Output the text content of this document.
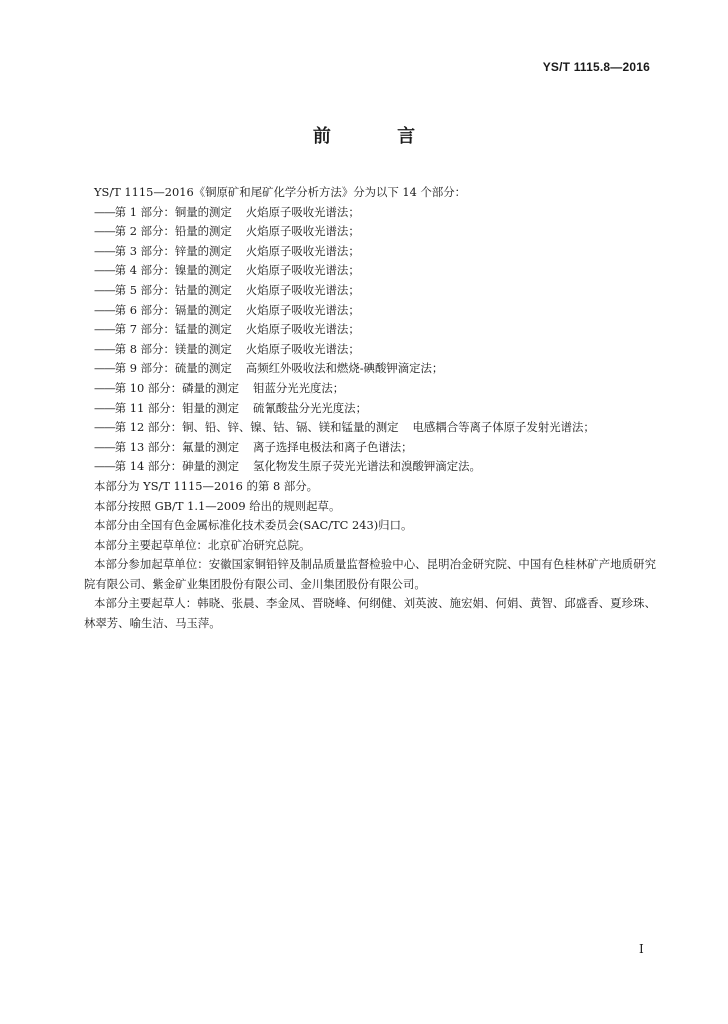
YS/T 1115.8—2016
前 言

YS/T 1115—2016《铜原矿和尾矿化学分析方法》分为以下 14 个部分：

——第 1 部分：铜量的测定 火焰原子吸收光谱法；

——第 2 部分：铅量的测定 火焰原子吸收光谱法；

——第 3 部分：锌量的测定 火焰原子吸收光谱法；

——第 4 部分：镍量的测定 火焰原子吸收光谱法；

——第 5 部分：钴量的测定 火焰原子吸收光谱法；

——第 6 部分：镉量的测定 火焰原子吸收光谱法；

——第 7 部分：锰量的测定 火焰原子吸收光谱法；

——第 8 部分：镁量的测定 火焰原子吸收光谱法；

——第 9 部分：硫量的测定 高频红外吸收法和燃烧-碘酸钾滴定法；

——第 10 部分：磷量的测定 钼蓝分光光度法；

——第 11 部分：钼量的测定 硫氰酸盐分光光度法；

——第 12 部分：铜、铅、锌、镍、钴、镉、镁和锰量的测定 电感耦合等离子体原子发射光谱法；

——第 13 部分：氟量的测定 离子选择电极法和离子色谱法；

——第 14 部分：砷量的测定 氢化物发生原子荧光光谱法和溴酸钾滴定法。

本部分为 YS/T 1115—2016 的第 8 部分。

本部分按照 GB/T 1.1—2009 给出的规则起草。

本部分由全国有色金属标准化技术委员会(SAC/TC 243)归口。

本部分主要起草单位：北京矿冶研究总院。

本部分参加起草单位：安徽国家铜铅锌及制品质量监督检验中心、昆明冶金研究院、中国有色桂林矿产地质研究院有限公司、紫金矿业集团股份有限公司、金川集团股份有限公司。

本部分主要起草人：韩晓、张晨、李金凤、晋晓峰、何纲健、刘英波、施宏娟、何娟、黄智、邱盛香、夏珍珠、林翠芳、喻生洁、马玉萍。

I
